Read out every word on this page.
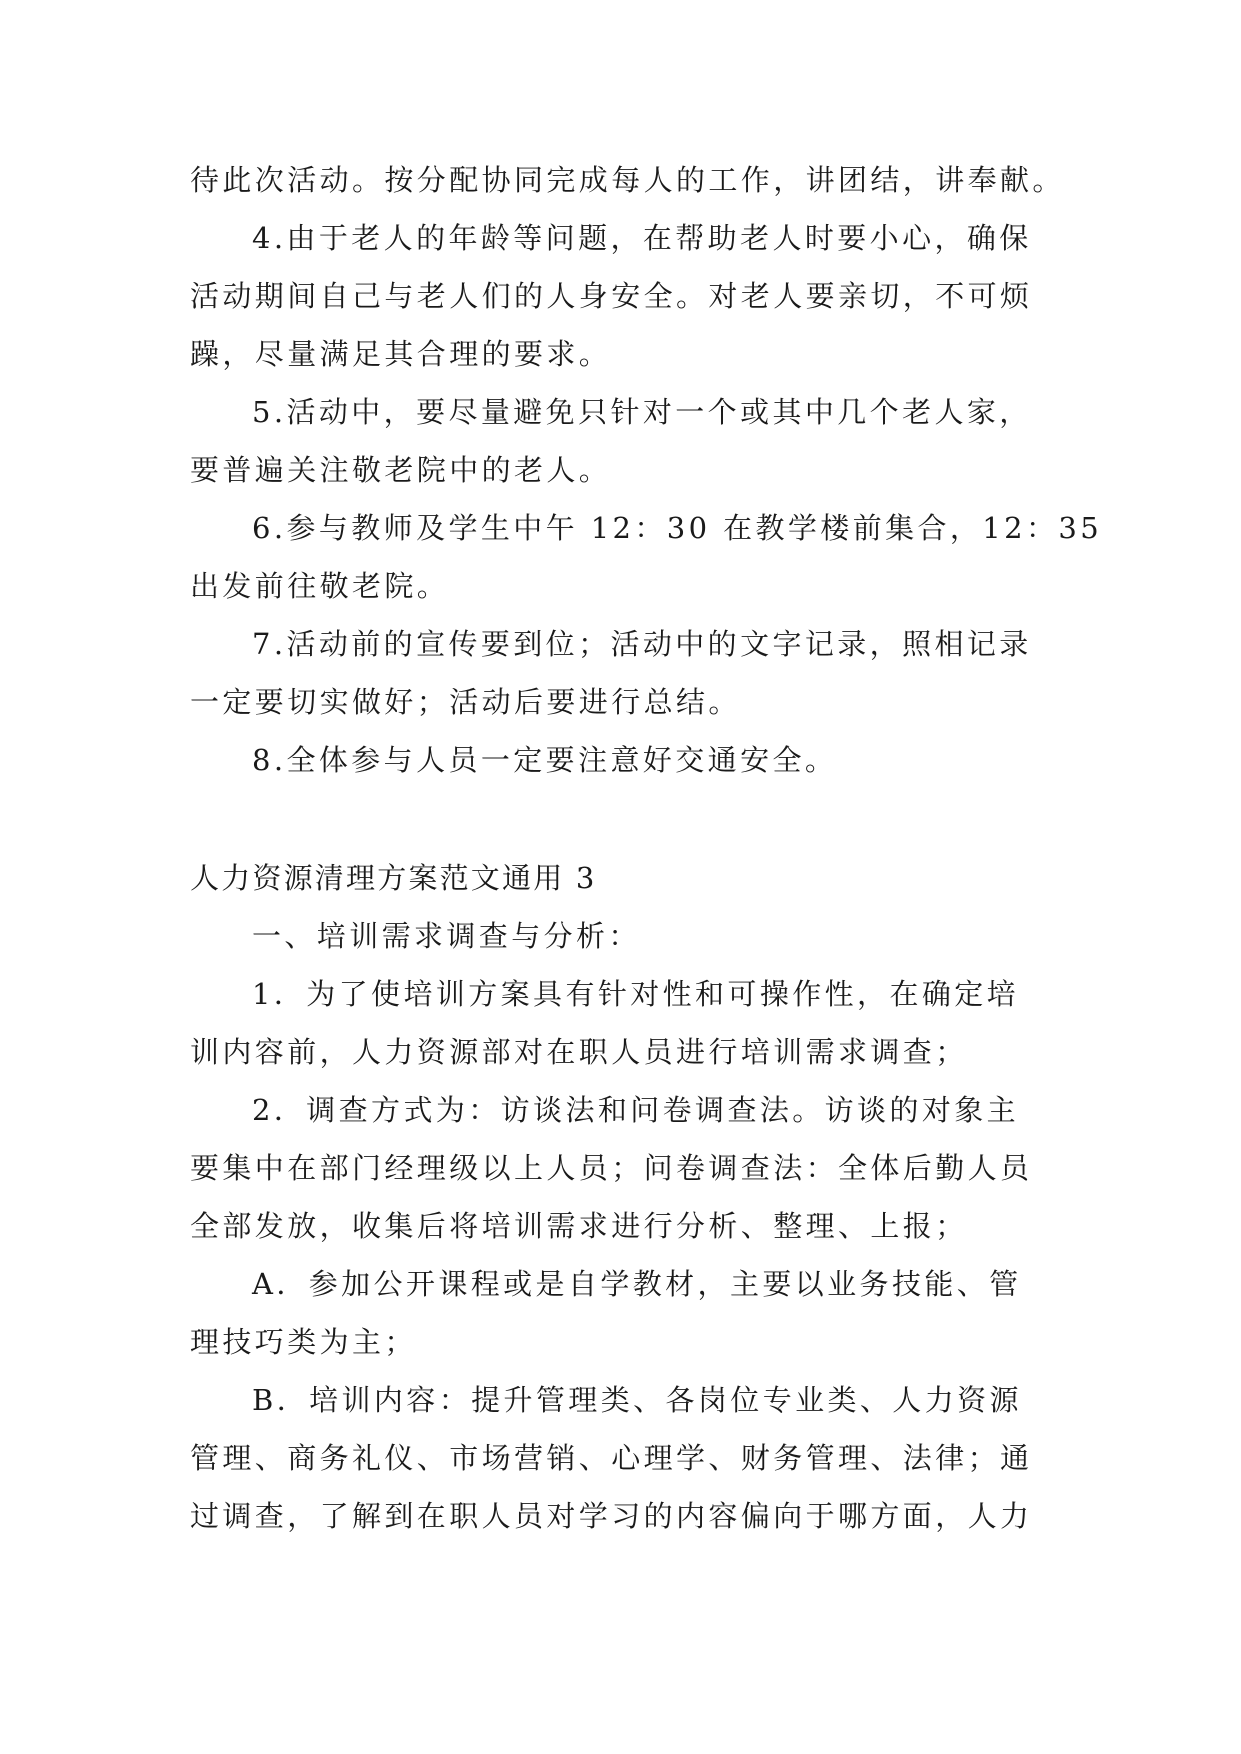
待此次活动。按分配协同完成每人的工作，讲团结，讲奉献。
4.由于老人的年龄等问题，在帮助老人时要小心，确保
活动期间自己与老人们的人身安全。对老人要亲切，不可烦
躁，尽量满足其合理的要求。
5.活动中，要尽量避免只针对一个或其中几个老人家，
要普遍关注敬老院中的老人。
6.参与教师及学生中午 12：30 在教学楼前集合，12：35
出发前往敬老院。
7.活动前的宣传要到位；活动中的文字记录，照相记录
一定要切实做好；活动后要进行总结。
8.全体参与人员一定要注意好交通安全。
人力资源清理方案范文通用 3
一、培训需求调查与分析：
1．为了使培训方案具有针对性和可操作性，在确定培
训内容前，人力资源部对在职人员进行培训需求调查；
2．调查方式为：访谈法和问卷调查法。访谈的对象主
要集中在部门经理级以上人员；问卷调查法：全体后勤人员
全部发放，收集后将培训需求进行分析、整理、上报；
A．参加公开课程或是自学教材，主要以业务技能、管
理技巧类为主；
B．培训内容：提升管理类、各岗位专业类、人力资源
管理、商务礼仪、市场营销、心理学、财务管理、法律；通
过调查，了解到在职人员对学习的内容偏向于哪方面，人力
